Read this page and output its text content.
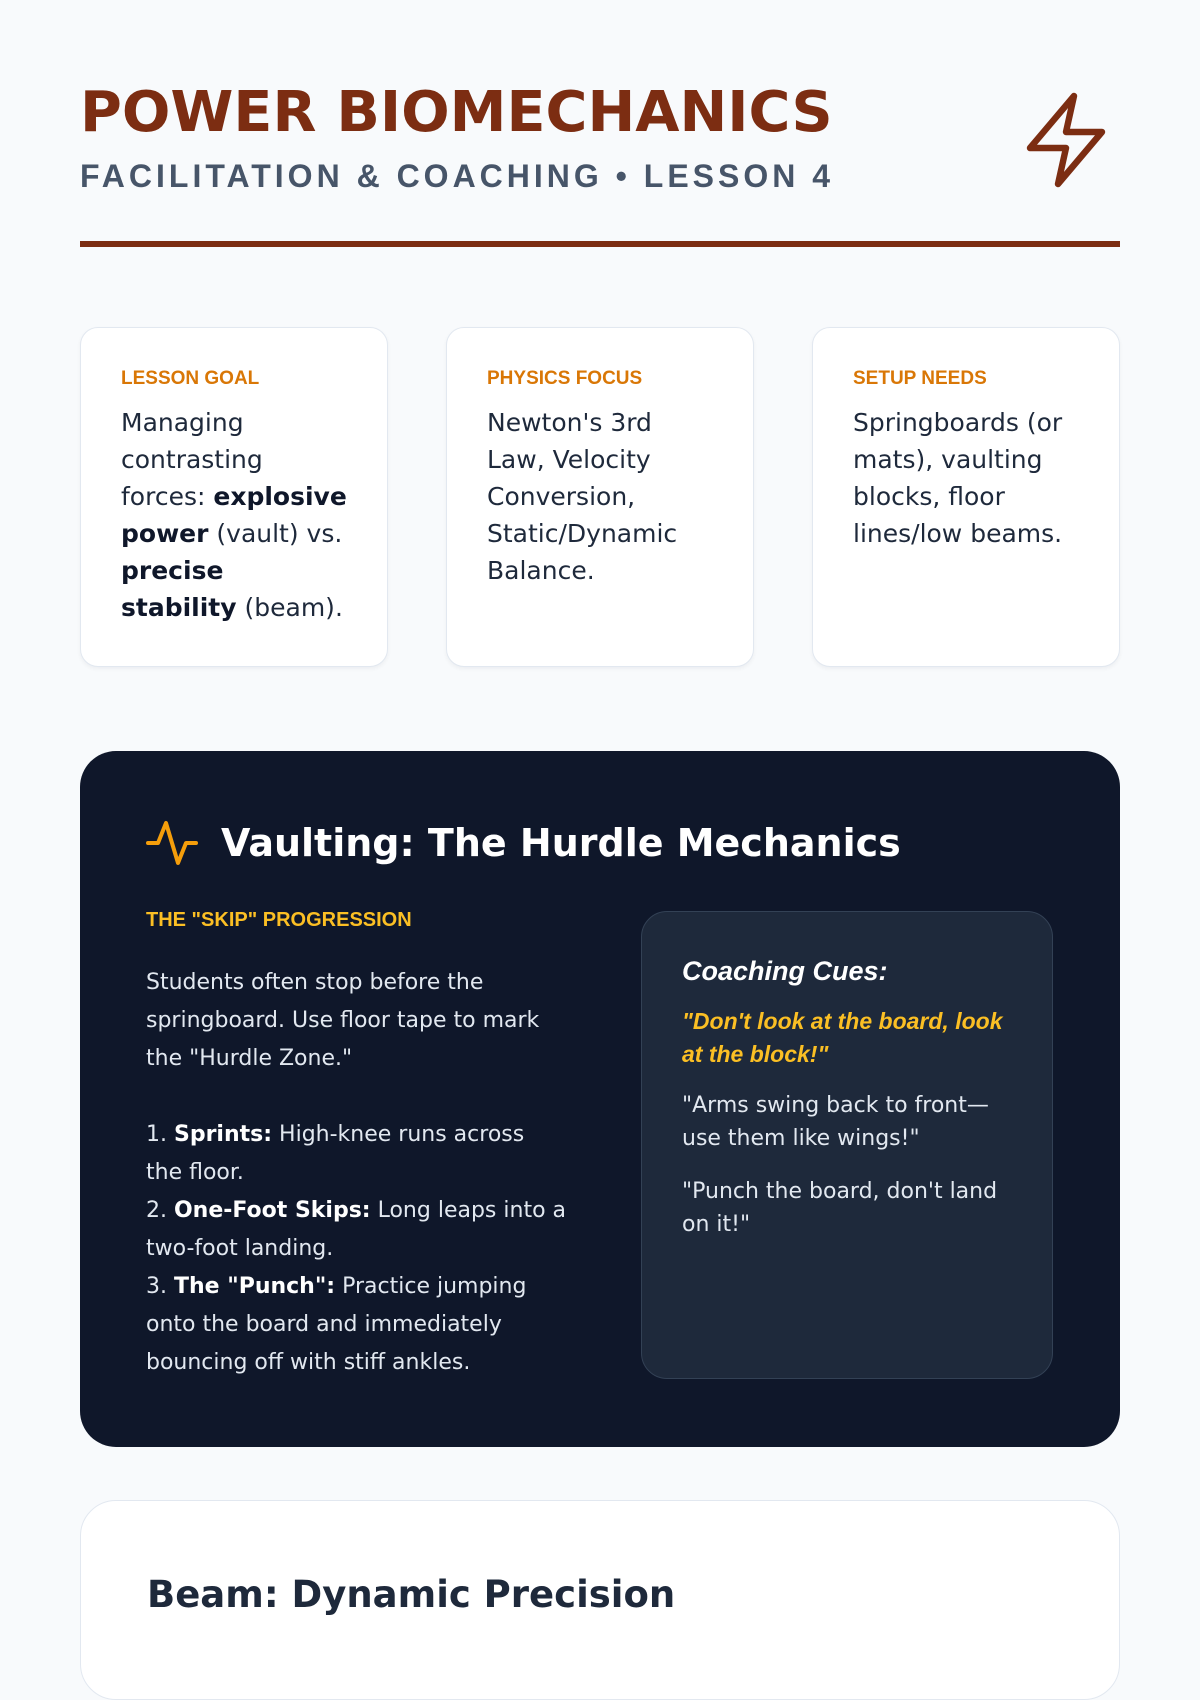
POWER BIOMECHANICS
FACILITATION & COACHING • LESSON 4

LESSON GOAL

Managing contrasting forces: explosive power (vault) vs. precise stability (beam).

PHYSICS FOCUS

Newton's 3rd Law, Velocity Conversion, Static/Dynamic Balance.

SETUP NEEDS

Springboards (or mats), vaulting blocks, floor lines/low beams.

Vaulting: The Hurdle Mechanics

THE "SKIP" PROGRESSION

Students often stop before the springboard. Use floor tape to mark the "Hurdle Zone."

1. Sprints: High-knee runs across the floor.

2. One-Foot Skips: Long leaps into a two-foot landing.

3. The "Punch": Practice jumping onto the board and immediately bouncing off with stiff ankles.

Coaching Cues:

"Don't look at the board, look at the block!"

"Arms swing back to front—use them like wings!"

"Punch the board, don't land on it!"

Beam: Dynamic Precision
